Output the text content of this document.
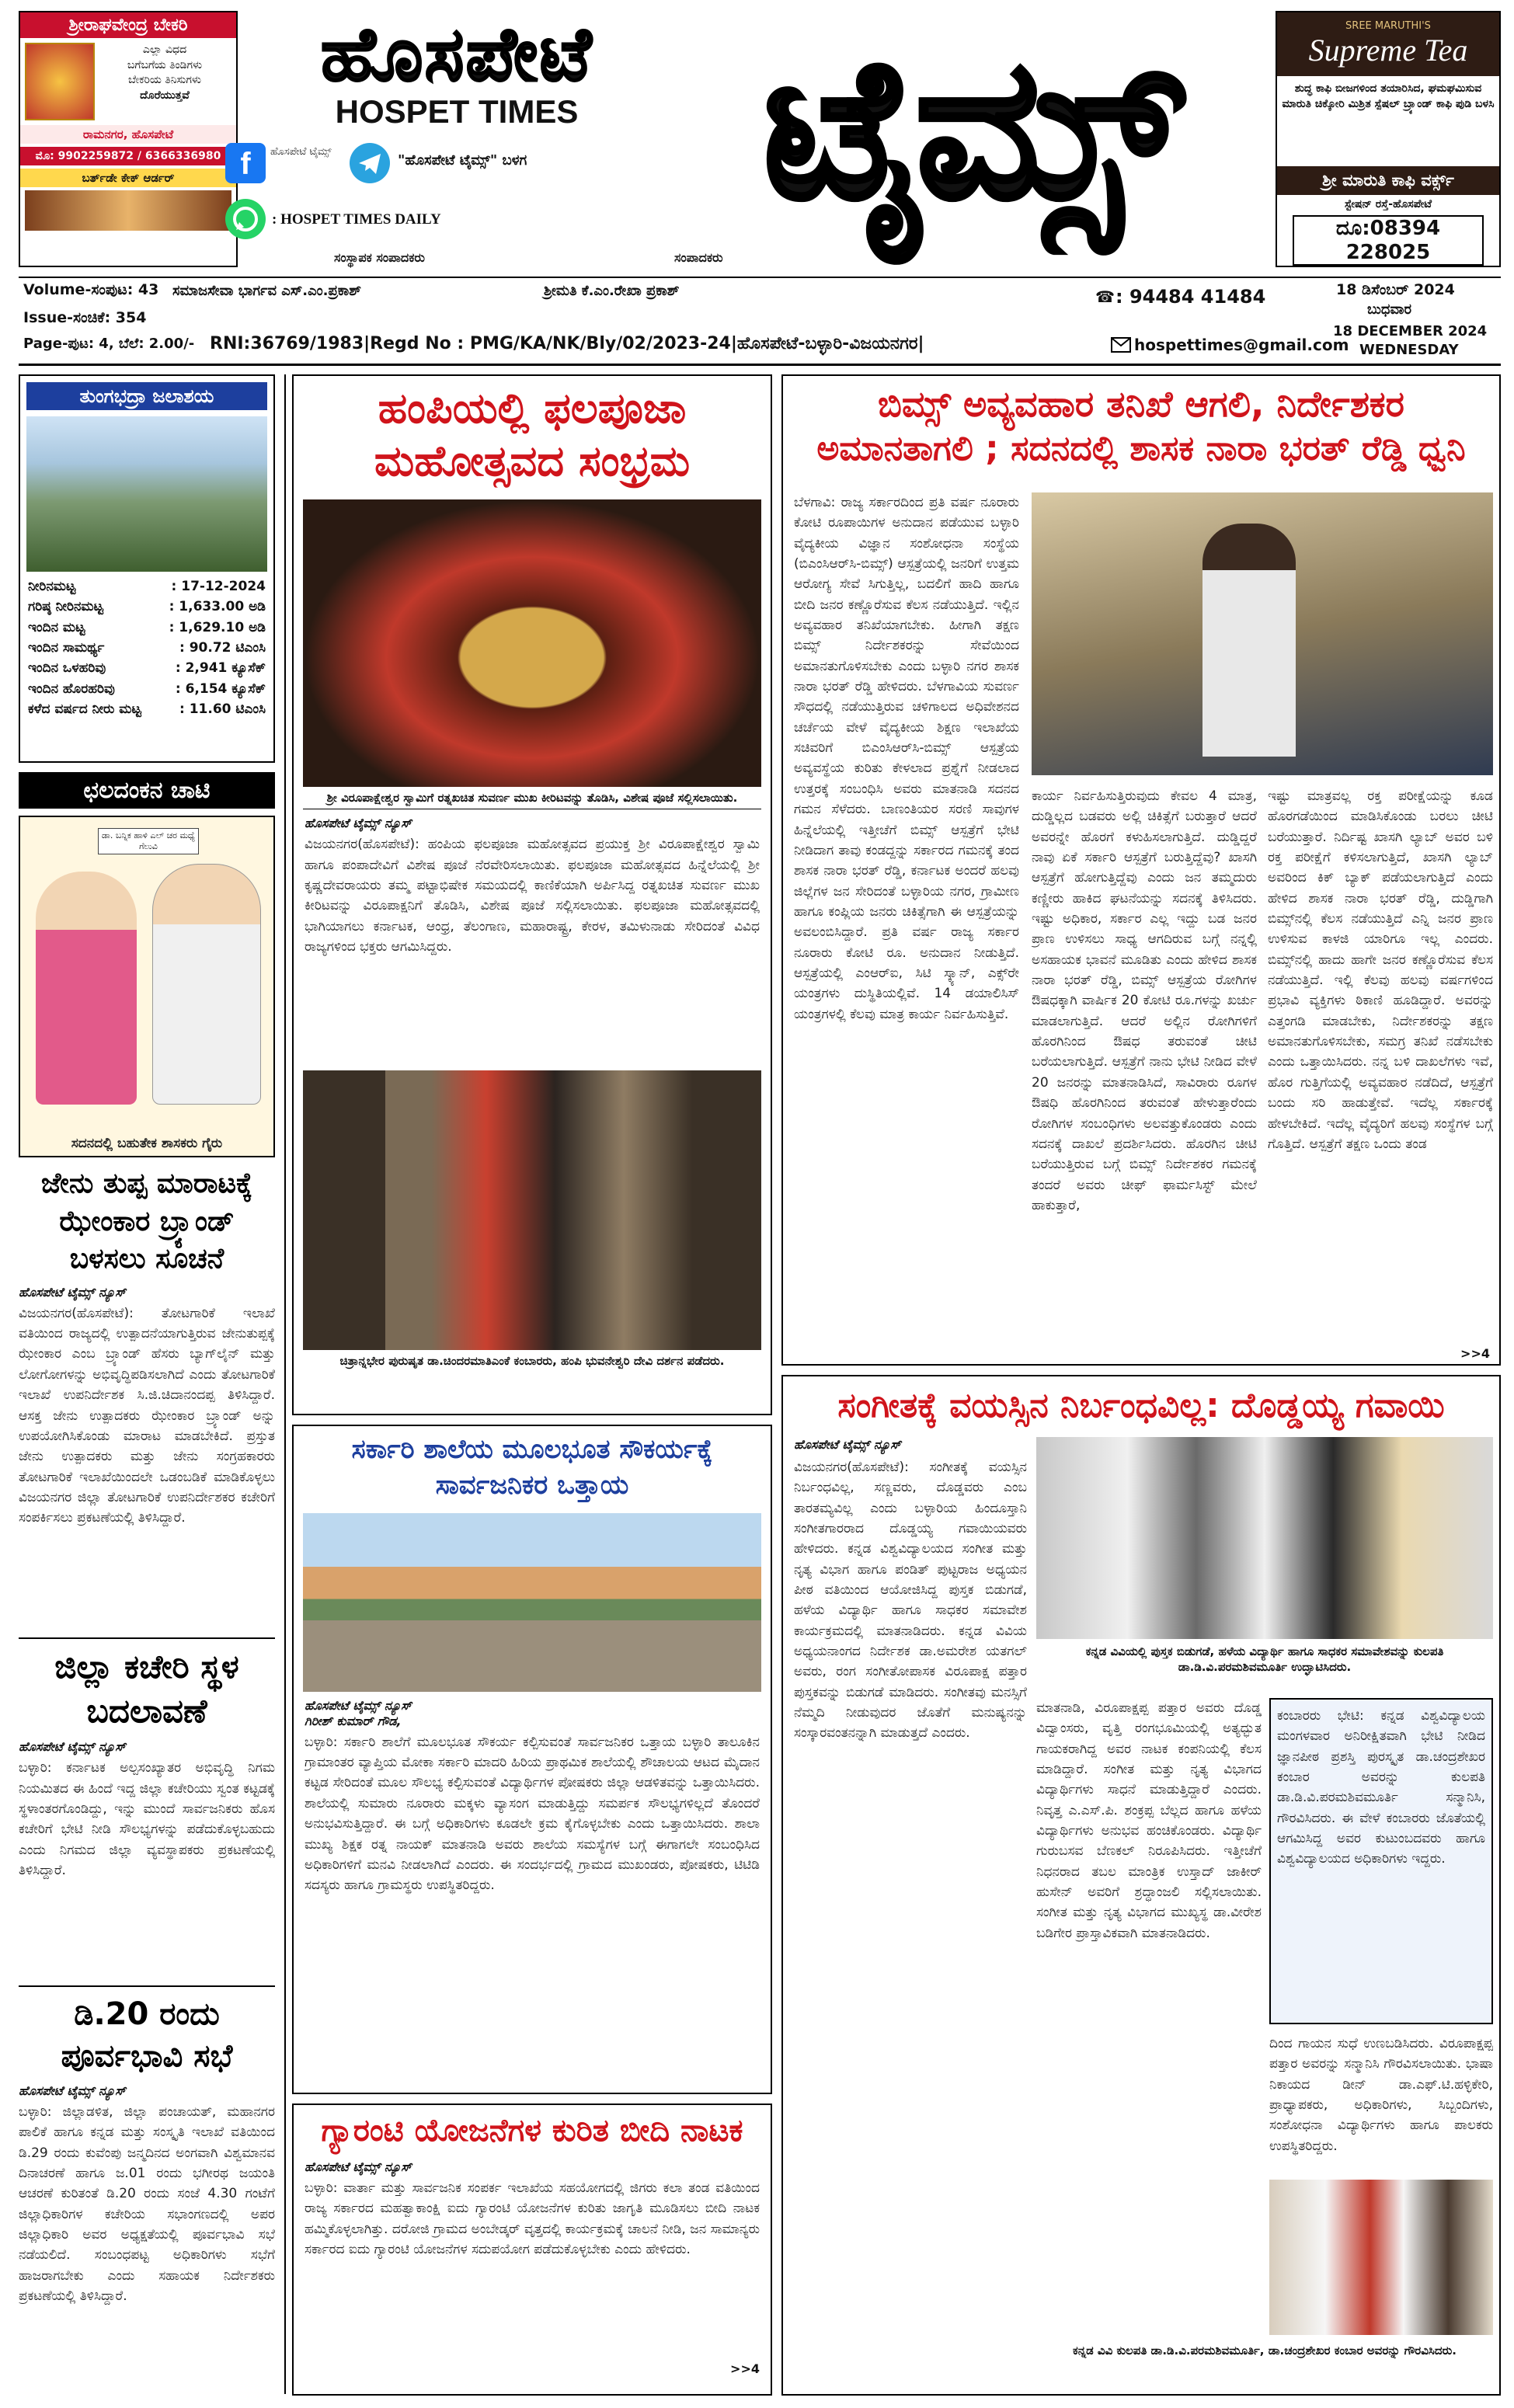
ಶ್ರೀರಾಘವೇಂದ್ರ ಬೇಕರಿ
ಎಲ್ಲಾ ವಿಧದ
ಬಗೆಬಗೆಯ ತಿಂಡಿಗಳು
ಬೇಕರಿಯ ತಿನಿಸುಗಳು
ದೊರೆಯುತ್ತವೆ
ರಾಮನಗರ, ಹೊಸಪೇಟೆ
ಮೊ: 9902259872 / 6366336980
ಬರ್ತ್‌ಡೇ ಕೇಕ್ ಆರ್ಡರ್
ಹೊಸಪೇಟೆ
HOSPET TIMES
f	ಹೊಸಪೇಟೆ ಟೈಮ್ಸ್
"ಹೊಸಪೇಟೆ ಟೈಮ್ಸ್" ಬಳಗ
: HOSPET TIMES DAILY	ಟೈಮ್ಸ್	SREE MARUTHI'S
Supreme Tea
ಶುದ್ಧ ಕಾಫಿ ಬೀಜಗಳಿಂದ ತಯಾರಿಸಿದ, ಘಮಘಮಿಸುವ ಮಾರುತಿ ಚಿಕ್ಕೋರಿ ಮಿಶ್ರಿತ ಸ್ಪೆಷಲ್ ಬ್ರ್ಯಾಂಡ್ ಕಾಫಿ ಪುಡಿ ಬಳಸಿ
ಶ್ರೀ ಮಾರುತಿ ಕಾಫಿ ವರ್ಕ್ಸ್
ಸ್ಟೇಷನ್ ರಸ್ತೆ-ಹೊಸಪೇಟೆ
ದೂ:08394 228025
ಸಂಸ್ಥಾಪಕ ಸಂಪಾದಕರು	ಸಂಪಾದಕರು
Volume-ಸಂಪುಟ: 43 ಸಮಾಜಸೇವಾ ಭಾರ್ಗವ ಎಸ್.ಎಂ.ಪ್ರಕಾಶ್	ಶ್ರೀಮತಿ ಕೆ.ಎಂ.ರೇಖಾ ಪ್ರಕಾಶ್	☎ : 94484 41484	18 ಡಿಸೆಂಬರ್ 2024
ಬುಧವಾರ
Issue-ಸಂಚಿಕೆ: 354
Page-ಪುಟ: 4, ಬೆಲೆ: 2.00/- RNI:36769/1983|Regd No : PMG/KA/NK/Bly/02/2023-24|ಹೊಸಪೇಟೆ-ಬಳ್ಳಾರಿ-ವಿಜಯನಗರ|	hospettimes@gmail.com
18 DECEMBER 2024
WEDNESDAY
ತುಂಗಭದ್ರಾ ಜಲಾಶಯ
ನೀರಿನಮಟ್ಟ	: 17-12-2024
ಗರಿಷ್ಠ ನೀರಿನಮಟ್ಟ	: 1,633.00 ಅಡಿ
ಇಂದಿನ ಮಟ್ಟ	: 1,629.10 ಅಡಿ
ಇಂದಿನ ಸಾಮರ್ಥ್ಯ	: 90.72 ಟಿಎಂಸಿ
ಇಂದಿನ ಒಳಹರಿವು	: 2,941 ಕ್ಯೂಸೆಕ್
ಇಂದಿನ ಹೊರಹರಿವು	: 6,154 ಕ್ಯೂಸೆಕ್
ಕಳೆದ ವರ್ಷದ ನೀರು ಮಟ್ಟ	: 11.60 ಟಿಎಂಸಿ
ಛಲದಂಕನ ಚಾಟಿ
ಡಾ. ಬನ್ನಿಕ ಹಾಳಿ ಎಲ್ ಚರ ಮಧ್ಯೆ ಗೆಲುವಿ
ಸದನದಲ್ಲಿ ಬಹುತೇಕ ಶಾಸಕರು ಗೈರು
ಜೇನು ತುಪ್ಪ ಮಾರಾಟಕ್ಕೆ ಝೇಂಕಾರ ಬ್ರ್ಯಾಂಡ್ ಬಳಸಲು ಸೂಚನೆ
ಹೊಸಪೇಟೆ ಟೈಮ್ಸ್ ನ್ಯೂಸ್
ವಿಜಯನಗರ(ಹೊಸಪೇಟೆ): ತೋಟಗಾರಿಕೆ ಇಲಾಖೆ ವತಿಯಿಂದ ರಾಜ್ಯದಲ್ಲಿ ಉತ್ಪಾದನೆಯಾಗುತ್ತಿರುವ ಜೇನುತುಪ್ಪಕ್ಕೆ ಝೇಂಕಾರ ಎಂಬ ಬ್ರ್ಯಾಂಡ್ ಹೆಸರು ಬ್ಯಾಗ್‌ಲೈನ್ ಮತ್ತು ಲೋಗೋಗಳನ್ನು ಅಭಿವೃದ್ಧಿಪಡಿಸಲಾಗಿದೆ ಎಂದು ತೋಟಗಾರಿಕೆ ಇಲಾಖೆ ಉಪನಿರ್ದೇಶಕ ಸಿ.ಜಿ.ಚಿದಾನಂದಪ್ಪ ತಿಳಿಸಿದ್ದಾರೆ. ಆಸಕ್ತ ಜೇನು ಉತ್ಪಾದಕರು ಝೇಂಕಾರ ಬ್ರ್ಯಾಂಡ್ ಅನ್ನು ಉಪಯೋಗಿಸಿಕೊಂಡು ಮಾರಾಟ ಮಾಡಬೇಕಿದೆ. ಪ್ರಸ್ತುತ ಜೇನು ಉತ್ಪಾದಕರು ಮತ್ತು ಜೇನು ಸಂಗ್ರಹಕಾರರು ತೋಟಗಾರಿಕೆ ಇಲಾಖೆಯಿಂದಲೇ ಒಡಂಬಡಿಕೆ ಮಾಡಿಕೊಳ್ಳಲು ವಿಜಯನಗರ ಜಿಲ್ಲಾ ತೋಟಗಾರಿಕೆ ಉಪನಿರ್ದೇಶಕರ ಕಚೇರಿಗೆ ಸಂಪರ್ಕಿಸಲು ಪ್ರಕಟಣೆಯಲ್ಲಿ ತಿಳಿಸಿದ್ದಾರೆ.
ಜಿಲ್ಲಾ ಕಚೇರಿ ಸ್ಥಳ ಬದಲಾವಣೆ
ಹೊಸಪೇಟೆ ಟೈಮ್ಸ್ ನ್ಯೂಸ್
ಬಳ್ಳಾರಿ: ಕರ್ನಾಟಕ ಅಲ್ಪಸಂಖ್ಯಾತರ ಅಭಿವೃದ್ಧಿ ನಿಗಮ ನಿಯಮಿತದ ಈ ಹಿಂದೆ ಇದ್ದ ಜಿಲ್ಲಾ ಕಚೇರಿಯು ಸ್ವಂತ ಕಟ್ಟಡಕ್ಕೆ ಸ್ಥಳಾಂತರಗೊಂಡಿದ್ದು, ಇನ್ನು ಮುಂದೆ ಸಾರ್ವಜನಿಕರು ಹೊಸ ಕಚೇರಿಗೆ ಭೇಟಿ ನೀಡಿ ಸೌಲಭ್ಯಗಳನ್ನು ಪಡೆದುಕೊಳ್ಳಬಹುದು ಎಂದು ನಿಗಮದ ಜಿಲ್ಲಾ ವ್ಯವಸ್ಥಾಪಕರು ಪ್ರಕಟಣೆಯಲ್ಲಿ ತಿಳಿಸಿದ್ದಾರೆ.
ಡಿ.20 ರಂದು ಪೂರ್ವಭಾವಿ ಸಭೆ
ಹೊಸಪೇಟೆ ಟೈಮ್ಸ್ ನ್ಯೂಸ್
ಬಳ್ಳಾರಿ: ಜಿಲ್ಲಾಡಳಿತ, ಜಿಲ್ಲಾ ಪಂಚಾಯತ್, ಮಹಾನಗರ ಪಾಲಿಕೆ ಹಾಗೂ ಕನ್ನಡ ಮತ್ತು ಸಂಸ್ಕೃತಿ ಇಲಾಖೆ ವತಿಯಿಂದ ಡಿ.29 ರಂದು ಕುವೆಂಪು ಜನ್ಮದಿನದ ಅಂಗವಾಗಿ ವಿಶ್ವಮಾನವ ದಿನಾಚರಣೆ ಹಾಗೂ ಜ.01 ರಂದು ಭಗೀರಥ ಜಯಂತಿ ಆಚರಣೆ ಕುರಿತಂತೆ ಡಿ.20 ರಂದು ಸಂಜೆ 4.30 ಗಂಟೆಗೆ ಜಿಲ್ಲಾಧಿಕಾರಿಗಳ ಕಚೇರಿಯ ಸಭಾಂಗಣದಲ್ಲಿ ಅಪರ ಜಿಲ್ಲಾಧಿಕಾರಿ ಅವರ ಅಧ್ಯಕ್ಷತೆಯಲ್ಲಿ ಪೂರ್ವಭಾವಿ ಸಭೆ ನಡೆಯಲಿದೆ. ಸಂಬಂಧಪಟ್ಟ ಅಧಿಕಾರಿಗಳು ಸಭೆಗೆ ಹಾಜರಾಗಬೇಕು ಎಂದು ಸಹಾಯಕ ನಿರ್ದೇಶಕರು ಪ್ರಕಟಣೆಯಲ್ಲಿ ತಿಳಿಸಿದ್ದಾರೆ.
ಹಂಪಿಯಲ್ಲಿ ಫಲಪೂಜಾ ಮಹೋತ್ಸವದ ಸಂಭ್ರಮ
ಶ್ರೀ ವಿರೂಪಾಕ್ಷೇಶ್ವರ ಸ್ವಾಮಿಗೆ ರತ್ನಖಚಿತ ಸುವರ್ಣ ಮುಖ ಕೀರಿಟವನ್ನು ತೊಡಿಸಿ, ವಿಶೇಷ ಪೂಜೆ ಸಲ್ಲಿಸಲಾಯಿತು.
ಹೊಸಪೇಟೆ ಟೈಮ್ಸ್ ನ್ಯೂಸ್
ವಿಜಯನಗರ(ಹೊಸಪೇಟೆ): ಹಂಪಿಯ ಫಲಪೂಜಾ ಮಹೋತ್ಸವದ ಪ್ರಯುಕ್ತ ಶ್ರೀ ವಿರೂಪಾಕ್ಷೇಶ್ವರ ಸ್ವಾಮಿ ಹಾಗೂ ಪಂಪಾದೇವಿಗೆ ವಿಶೇಷ ಪೂಜೆ ನೆರವೇರಿಸಲಾಯಿತು. ಫಲಪೂಜಾ ಮಹೋತ್ಸವದ ಹಿನ್ನೆಲೆಯಲ್ಲಿ ಶ್ರೀ ಕೃಷ್ಣದೇವರಾಯರು ತಮ್ಮ ಪಟ್ಟಾಭಿಷೇಕ ಸಮಯದಲ್ಲಿ ಕಾಣಿಕೆಯಾಗಿ ಅರ್ಪಿಸಿದ್ದ ರತ್ನಖಚಿತ ಸುವರ್ಣ ಮುಖ ಕೀರಿಟವನ್ನು ವಿರೂಪಾಕ್ಷನಿಗೆ ತೊಡಿಸಿ, ವಿಶೇಷ ಪೂಜೆ ಸಲ್ಲಿಸಲಾಯಿತು. ಫಲಪೂಜಾ ಮಹೋತ್ಸವದಲ್ಲಿ ಭಾಗಿಯಾಗಲು ಕರ್ನಾಟಕ, ಆಂಧ್ರ, ತೆಲಂಗಾಣ, ಮಹಾರಾಷ್ಟ್ರ, ಕೇರಳ, ತಮಿಳುನಾಡು ಸೇರಿದಂತೆ ವಿವಿಧ ರಾಜ್ಯಗಳಿಂದ ಭಕ್ತರು ಆಗಮಿಸಿದ್ದರು.
ಚಿತ್ರಾನ್ನಭೇರ ಪುರುಷೃತ ಡಾ.ಚಿಂದರಮಾತಿಎಂಕೆ ಕಂಬಾರರು, ಹಂಪಿ ಭುವನೇಶ್ವರಿ ದೇವಿ ದರ್ಶನ ಪಡೆದರು.
ಸರ್ಕಾರಿ ಶಾಲೆಯ ಮೂಲಭೂತ ಸೌಕರ್ಯಕ್ಕೆ ಸಾರ್ವಜನಿಕರ ಒತ್ತಾಯ
ಹೊಸಪೇಟೆ ಟೈಮ್ಸ್ ನ್ಯೂಸ್
ಗಿರೀಶ್ ಕುಮಾರ್ ಗೌಡ,
ಬಳ್ಳಾರಿ: ಸರ್ಕಾರಿ ಶಾಲೆಗೆ ಮೂಲಭೂತ ಸೌಕರ್ಯ ಕಲ್ಪಿಸುವಂತೆ ಸಾರ್ವಜನಿಕರ ಒತ್ತಾಯ ಬಳ್ಳಾರಿ ತಾಲೂಕಿನ ಗ್ರಾಮಾಂತರ ವ್ಯಾಪ್ತಿಯ ಮೋಕಾ ಸರ್ಕಾರಿ ಮಾದರಿ ಹಿರಿಯ ಪ್ರಾಥಮಿಕ ಶಾಲೆಯಲ್ಲಿ ಶೌಚಾಲಯ ಆಟದ ಮೈದಾನ ಕಟ್ಟಡ ಸೇರಿದಂತೆ ಮೂಲ ಸೌಲಭ್ಯ ಕಲ್ಪಿಸುವಂತೆ ವಿದ್ಯಾರ್ಥಿಗಳ ಪೋಷಕರು ಜಿಲ್ಲಾ ಆಡಳಿತವನ್ನು ಒತ್ತಾಯಿಸಿದರು. ಶಾಲೆಯಲ್ಲಿ ಸುಮಾರು ನೂರಾರು ಮಕ್ಕಳು ವ್ಯಾಸಂಗ ಮಾಡುತ್ತಿದ್ದು ಸಮರ್ಪಕ ಸೌಲಭ್ಯಗಳಿಲ್ಲದೆ ತೊಂದರೆ ಅನುಭವಿಸುತ್ತಿದ್ದಾರೆ. ಈ ಬಗ್ಗೆ ಅಧಿಕಾರಿಗಳು ಕೂಡಲೇ ಕ್ರಮ ಕೈಗೊಳ್ಳಬೇಕು ಎಂದು ಒತ್ತಾಯಿಸಿದರು. ಶಾಲಾ ಮುಖ್ಯ ಶಿಕ್ಷಕ ರತ್ನ ನಾಯಕ್ ಮಾತನಾಡಿ ಅವರು ಶಾಲೆಯ ಸಮಸ್ಯೆಗಳ ಬಗ್ಗೆ ಈಗಾಗಲೇ ಸಂಬಂಧಿಸಿದ ಅಧಿಕಾರಿಗಳಿಗೆ ಮನವಿ ನೀಡಲಾಗಿದೆ ಎಂದರು. ಈ ಸಂದರ್ಭದಲ್ಲಿ ಗ್ರಾಮದ ಮುಖಂಡರು, ಪೋಷಕರು, ಟಿಟಿಡಿ ಸದಸ್ಯರು ಹಾಗೂ ಗ್ರಾಮಸ್ಥರು ಉಪಸ್ಥಿತರಿದ್ದರು.
ಗ್ಯಾರಂಟಿ ಯೋಜನೆಗಳ ಕುರಿತ ಬೀದಿ ನಾಟಕ
ಹೊಸಪೇಟೆ ಟೈಮ್ಸ್ ನ್ಯೂಸ್
ಬಳ್ಳಾರಿ: ವಾರ್ತಾ ಮತ್ತು ಸಾರ್ವಜನಿಕ ಸಂಪರ್ಕ ಇಲಾಖೆಯ ಸಹಯೋಗದಲ್ಲಿ ಜಿಗರು ಕಲಾ ತಂಡ ವತಿಯಿಂದ ರಾಜ್ಯ ಸರ್ಕಾರದ ಮಹತ್ವಾಕಾಂಕ್ಷಿ ಐದು ಗ್ಯಾರಂಟಿ ಯೋಜನೆಗಳ ಕುರಿತು ಜಾಗೃತಿ ಮೂಡಿಸಲು ಬೀದಿ ನಾಟಕ ಹಮ್ಮಿಕೊಳ್ಳಲಾಗಿತ್ತು. ದರೋಜಿ ಗ್ರಾಮದ ಅಂಬೇಡ್ಕರ್ ವೃತ್ತದಲ್ಲಿ ಕಾರ್ಯಕ್ರಮಕ್ಕೆ ಚಾಲನೆ ನೀಡಿ, ಜನ ಸಾಮಾನ್ಯರು ಸರ್ಕಾರದ ಐದು ಗ್ಯಾರಂಟಿ ಯೋಜನೆಗಳ ಸದುಪಯೋಗ ಪಡೆದುಕೊಳ್ಳಬೇಕು ಎಂದು ಹೇಳಿದರು.
>>4
ಬಿಮ್ಸ್ ಅವ್ಯವಹಾರ ತನಿಖೆ ಆಗಲಿ, ನಿರ್ದೇಶಕರ
ಅಮಾನತಾಗಲಿ ; ಸದನದಲ್ಲಿ ಶಾಸಕ ನಾರಾ ಭರತ್ ರೆಡ್ಡಿ ಧ್ವನಿ
ಬೆಳಗಾವಿ: ರಾಜ್ಯ ಸರ್ಕಾರದಿಂದ ಪ್ರತಿ ವರ್ಷ ನೂರಾರು ಕೋಟಿ ರೂಪಾಯಿಗಳ ಅನುದಾನ ಪಡೆಯುವ ಬಳ್ಳಾರಿ ವೈದ್ಯಕೀಯ ವಿಜ್ಞಾನ ಸಂಶೋಧನಾ ಸಂಸ್ಥೆಯ (ಬಿಎಂಸಿಆರ್‌ಸಿ-ಬಿಮ್ಸ್) ಆಸ್ಪತ್ರೆಯಲ್ಲಿ ಜನರಿಗೆ ಉತ್ತಮ ಆರೋಗ್ಯ ಸೇವೆ ಸಿಗುತ್ತಿಲ್ಲ, ಬದಲಿಗೆ ಹಾದಿ ಹಾಗೂ ಬೀದಿ ಜನರ ಕಣ್ಣೊರೆಸುವ ಕೆಲಸ ನಡೆಯುತ್ತಿದೆ. ಇಲ್ಲಿನ ಅವ್ಯವಹಾರ ತನಿಖೆಯಾಗಬೇಕು. ಹೀಗಾಗಿ ತಕ್ಷಣ ಬಿಮ್ಸ್ ನಿರ್ದೇಶಕರನ್ನು ಸೇವೆಯಿಂದ ಅಮಾನತುಗೊಳಿಸಬೇಕು ಎಂದು ಬಳ್ಳಾರಿ ನಗರ ಶಾಸಕ ನಾರಾ ಭರತ್ ರೆಡ್ಡಿ ಹೇಳಿದರು. ಬೆಳಗಾವಿಯ ಸುವರ್ಣ ಸೌಧದಲ್ಲಿ ನಡೆಯುತ್ತಿರುವ ಚಳಿಗಾಲದ ಅಧಿವೇಶನದ ಚರ್ಚೆಯ ವೇಳೆ ವೈದ್ಯಕೀಯ ಶಿಕ್ಷಣ ಇಲಾಖೆಯ ಸಚಿವರಿಗೆ ಬಿಎಂಸಿಆರ್‌ಸಿ-ಬಿಮ್ಸ್ ಆಸ್ಪತ್ರೆಯ ಅವ್ಯವಸ್ಥೆಯ ಕುರಿತು ಕೇಳಲಾದ ಪ್ರಶ್ನೆಗೆ ನೀಡಲಾದ ಉತ್ತರಕ್ಕೆ ಸಂಬಂಧಿಸಿ ಅವರು ಮಾತನಾಡಿ ಸದನದ ಗಮನ ಸೆಳೆದರು. ಬಾಣಂತಿಯರ ಸರಣಿ ಸಾವುಗಳ ಹಿನ್ನೆಲೆಯಲ್ಲಿ ಇತ್ತೀಚೆಗೆ ಬಿಮ್ಸ್ ಆಸ್ಪತ್ರೆಗೆ ಭೇಟಿ ನೀಡಿದಾಗ ತಾವು ಕಂಡದ್ದನ್ನು ಸರ್ಕಾರದ ಗಮನಕ್ಕೆ ತಂದ ಶಾಸಕ ನಾರಾ ಭರತ್ ರೆಡ್ಡಿ, ಕರ್ನಾಟಕ ಅಂದರೆ ಹಲವು ಜಿಲ್ಲೆಗಳ ಜನ ಸೇರಿದಂತೆ ಬಳ್ಳಾರಿಯ ನಗರ, ಗ್ರಾಮೀಣ ಹಾಗೂ ಕಂಪ್ಲಿಯ ಜನರು ಚಿಕಿತ್ಸೆಗಾಗಿ ಈ ಆಸ್ಪತ್ರೆಯನ್ನು ಅವಲಂಬಿಸಿದ್ದಾರೆ. ಪ್ರತಿ ವರ್ಷ ರಾಜ್ಯ ಸರ್ಕಾರ ನೂರಾರು ಕೋಟಿ ರೂ. ಅನುದಾನ ನೀಡುತ್ತಿದೆ. ಆಸ್ಪತ್ರೆಯಲ್ಲಿ ಎಂಆರ್‌ಐ, ಸಿಟಿ ಸ್ಕ್ಯಾನ್, ಎಕ್ಸ್‌ರೇ ಯಂತ್ರಗಳು ದುಸ್ಥಿತಿಯಲ್ಲಿವೆ. 14 ಡಯಾಲಿಸಿಸ್ ಯಂತ್ರಗಳಲ್ಲಿ ಕೆಲವು ಮಾತ್ರ ಕಾರ್ಯ ನಿರ್ವಹಿಸುತ್ತಿವೆ.
ಕಾರ್ಯ ನಿರ್ವಹಿಸುತ್ತಿರುವುದು ಕೇವಲ 4 ಮಾತ್ರ, ದುಡ್ಡಿಲ್ಲದ ಬಡವರು ಅಲ್ಲಿ ಚಿಕಿತ್ಸೆಗೆ ಬರುತ್ತಾರೆ ಆದರೆ ಅವರನ್ನೇ ಹೊರಗೆ ಕಳುಹಿಸಲಾಗುತ್ತಿದೆ. ದುಡ್ಡಿದ್ದರೆ ನಾವು ಏಕೆ ಸರ್ಕಾರಿ ಆಸ್ಪತ್ರೆಗೆ ಬರುತ್ತಿದ್ದೆವು? ಖಾಸಗಿ ಆಸ್ಪತ್ರೆಗೆ ಹೋಗುತ್ತಿದ್ದೆವು ಎಂದು ಜನ ತಮ್ಮದುರು ಕಣ್ಣೀರು ಹಾಕಿದ ಘಟನೆಯನ್ನು ಸದನಕ್ಕೆ ತಿಳಿಸಿದರು. ಇಷ್ಟು ಅಧಿಕಾರ, ಸರ್ಕಾರ ಎಲ್ಲ ಇದ್ದು ಬಡ ಜನರ ಪ್ರಾಣ ಉಳಿಸಲು ಸಾಧ್ಯ ಆಗದಿರುವ ಬಗ್ಗೆ ನನ್ನಲ್ಲಿ ಅಸಹಾಯಕ ಭಾವನೆ ಮೂಡಿತು ಎಂದು ಹೇಳಿದ ಶಾಸಕ ನಾರಾ ಭರತ್ ರೆಡ್ಡಿ, ಬಿಮ್ಸ್ ಆಸ್ಪತ್ರೆಯ ರೋಗಿಗಳ ಔಷಧಕ್ಕಾಗಿ ವಾರ್ಷಿಕ 20 ಕೋಟಿ ರೂ.ಗಳನ್ನು ಖರ್ಚು ಮಾಡಲಾಗುತ್ತಿದೆ. ಆದರೆ ಅಲ್ಲಿನ ರೋಗಿಗಳಿಗೆ ಹೊರಗಿನಿಂದ ಔಷಧ ತರುವಂತೆ ಚೀಟಿ ಬರೆಯಲಾಗುತ್ತಿದೆ. ಆಸ್ಪತ್ರೆಗೆ ನಾನು ಭೇಟಿ ನೀಡಿದ ವೇಳೆ 20 ಜನರನ್ನು ಮಾತನಾಡಿಸಿದೆ, ಸಾವಿರಾರು ರೂಗಳ ಔಷಧಿ ಹೊರಗಿನಿಂದ ತರುವಂತೆ ಹೇಳುತ್ತಾರೆಂದು ರೋಗಿಗಳ ಸಂಬಂಧಿಗಳು ಅಲವತ್ತುಕೊಂಡರು ಎಂದು ಸದನಕ್ಕೆ ದಾಖಲೆ ಪ್ರದರ್ಶಿಸಿದರು. ಹೊರಗಿನ ಚೀಟಿ ಬರೆಯುತ್ತಿರುವ ಬಗ್ಗೆ ಬಿಮ್ಸ್ ನಿರ್ದೇಶಕರ ಗಮನಕ್ಕೆ ತಂದರೆ ಅವರು ಚೀಫ್ ಫಾರ್ಮಸಿಸ್ಟ್ ಮೇಲೆ ಹಾಕುತ್ತಾರೆ,
ಇಷ್ಟು ಮಾತ್ರವಲ್ಲ ರಕ್ತ ಪರೀಕ್ಷೆಯನ್ನು ಕೂಡ ಹೊರಗಡೆಯಿಂದ ಮಾಡಿಸಿಕೊಂಡು ಬರಲು ಚೀಟಿ ಬರೆಯುತ್ತಾರೆ. ನಿರ್ದಿಷ್ಟ ಖಾಸಗಿ ಲ್ಯಾಬ್ ಅವರ ಬಳಿ ರಕ್ತ ಪರೀಕ್ಷೆಗೆ ಕಳಿಸಲಾಗುತ್ತಿದೆ, ಖಾಸಗಿ ಲ್ಯಾಬ್ ಅವರಿಂದ ಕಿಕ್ ಬ್ಯಾಕ್ ಪಡೆಯಲಾಗುತ್ತಿದೆ ಎಂದು ಹೇಳಿದ ಶಾಸಕ ನಾರಾ ಭರತ್ ರೆಡ್ಡಿ, ದುಡ್ಡಿಗಾಗಿ ಬಿಮ್ಸ್‌ನಲ್ಲಿ ಕೆಲಸ ನಡೆಯುತ್ತಿದೆ ಎನ್ನಿ ಜನರ ಪ್ರಾಣ ಉಳಿಸುವ ಕಾಳಜಿ ಯಾರಿಗೂ ಇಲ್ಲ ಎಂದರು. ಬಿಮ್ಸ್‌ನಲ್ಲಿ ಹಾದು ಹಾಗೇ ಜನರ ಕಣ್ಣೊರೆಸುವ ಕೆಲಸ ನಡೆಯುತ್ತಿದೆ. ಇಲ್ಲಿ ಕೆಲವು ಹಲವು ವರ್ಷಗಳಿಂದ ಪ್ರಭಾವಿ ವ್ಯಕ್ತಿಗಳು ಠಿಕಾಣಿ ಹೂಡಿದ್ದಾರೆ. ಅವರನ್ನು ಎತ್ತಂಗಡಿ ಮಾಡಬೇಕು, ನಿರ್ದೇಶಕರನ್ನು ತಕ್ಷಣ ಅಮಾನತುಗೊಳಿಸಬೇಕು, ಸಮಗ್ರ ತನಿಖೆ ನಡೆಸಬೇಕು ಎಂದು ಒತ್ತಾಯಿಸಿದರು. ನನ್ನ ಬಳಿ ದಾಖಲೆಗಳು ಇವೆ, ಹೊರ ಗುತ್ತಿಗೆಯಲ್ಲಿ ಅವ್ಯವಹಾರ ನಡೆದಿದೆ, ಆಸ್ಪತ್ರೆಗೆ ಬಂದು ಸರಿ ಹಾಡುತ್ತೇವೆ. ಇದೆಲ್ಲ ಸರ್ಕಾರಕ್ಕೆ ಹೇಳಬೇಕಿದೆ. ಇದೆಲ್ಲ ವೈದ್ಯರಿಗೆ ಹಲವು ಸಂಸ್ಥೆಗಳ ಬಗ್ಗೆ ಗೊತ್ತಿದೆ. ಆಸ್ಪತ್ರೆಗೆ ತಕ್ಷಣ ಒಂದು ತಂಡ
>>4
ಸಂಗೀತಕ್ಕೆ ವಯಸ್ಸಿನ ನಿರ್ಬಂಧವಿಲ್ಲ: ದೊಡ್ಡಯ್ಯ ಗವಾಯಿ
ಹೊಸಪೇಟೆ ಟೈಮ್ಸ್ ನ್ಯೂಸ್
ವಿಜಯನಗರ(ಹೊಸಪೇಟೆ): ಸಂಗೀತಕ್ಕೆ ವಯಸ್ಸಿನ ನಿರ್ಬಂಧವಿಲ್ಲ, ಸಣ್ಣವರು, ದೊಡ್ಡವರು ಎಂಬ ತಾರತಮ್ಯವಿಲ್ಲ ಎಂದು ಬಳ್ಳಾರಿಯ ಹಿಂದೂಸ್ತಾನಿ ಸಂಗೀತಗಾರರಾದ ದೊಡ್ಡಯ್ಯ ಗವಾಯಿಯವರು ಹೇಳಿದರು. ಕನ್ನಡ ವಿಶ್ವವಿದ್ಯಾಲಯದ ಸಂಗೀತ ಮತ್ತು ನೃತ್ಯ ವಿಭಾಗ ಹಾಗೂ ಪಂಡಿತ್ ಪುಟ್ಟರಾಜ ಅಧ್ಯಯನ ಪೀಠ ವತಿಯಿಂದ ಆಯೋಜಿಸಿದ್ದ ಪುಸ್ತಕ ಬಿಡುಗಡೆ, ಹಳೆಯ ವಿದ್ಯಾರ್ಥಿ ಹಾಗೂ ಸಾಧಕರ ಸಮಾವೇಶ ಕಾರ್ಯಕ್ರಮದಲ್ಲಿ ಮಾತನಾಡಿದರು. ಕನ್ನಡ ವಿವಿಯ ಅಧ್ಯಯನಾಂಗದ ನಿರ್ದೇಶಕ ಡಾ.ಅಮರೇಶ ಯತಗಲ್ ಅವರು, ರಂಗ ಸಂಗೀತೋಪಾಸಕ ವಿರೂಪಾಕ್ಷ ಪತ್ತಾರ ಪುಸ್ತಕವನ್ನು ಬಿಡುಗಡೆ ಮಾಡಿದರು. ಸಂಗೀತವು ಮನಸ್ಸಿಗೆ ನೆಮ್ಮದಿ ನೀಡುವುದರ ಜೊತೆಗೆ ಮನುಷ್ಯನನ್ನು ಸಂಸ್ಕಾರವಂತನನ್ನಾಗಿ ಮಾಡುತ್ತದೆ ಎಂದರು.
ಕನ್ನಡ ವಿವಿಯಲ್ಲಿ ಪುಸ್ತಕ ಬಿಡುಗಡೆ, ಹಳೆಯ ವಿದ್ಯಾರ್ಥಿ ಹಾಗೂ ಸಾಧಕರ ಸಮಾವೇಶವನ್ನು ಕುಲಪತಿ ಡಾ.ಡಿ.ವಿ.ಪರಮಶಿವಮೂರ್ತಿ ಉದ್ಘಾಟಿಸಿದರು.
ಮಾತನಾಡಿ, ವಿರೂಪಾಕ್ಷಪ್ಪ ಪತ್ತಾರ ಅವರು ದೊಡ್ಡ ವಿದ್ವಾಂಸರು, ವೃತ್ತಿ ರಂಗಭೂಮಿಯಲ್ಲಿ ಅತ್ಯದ್ಭುತ ಗಾಯಕರಾಗಿದ್ದ ಅವರ ನಾಟಕ ಕಂಪನಿಯಲ್ಲಿ ಕೆಲಸ ಮಾಡಿದ್ದಾರೆ. ಸಂಗೀತ ಮತ್ತು ನೃತ್ಯ ವಿಭಾಗದ ವಿದ್ಯಾರ್ಥಿಗಳು ಸಾಧನೆ ಮಾಡುತ್ತಿದ್ದಾರೆ ಎಂದರು. ನಿವೃತ್ತ ಎ.ಎಸ್.ಪಿ. ಶಂಕ್ರಪ್ಪ ಬೆಲ್ಲದ ಹಾಗೂ ಹಳೆಯ ವಿದ್ಯಾರ್ಥಿಗಳು ಅನುಭವ ಹಂಚಿಕೊಂಡರು. ವಿದ್ಯಾರ್ಥಿ ಗುರುಬಸವ ಬೆಣಕಲ್ ನಿರೂಪಿಸಿದರು. ಇತ್ತೀಚೆಗೆ ನಿಧನರಾದ ತಬಲ ಮಾಂತ್ರಿಕ ಉಸ್ತಾದ್ ಜಾಕೀರ್ ಹುಸೇನ್ ಅವರಿಗೆ ಶ್ರದ್ಧಾಂಜಲಿ ಸಲ್ಲಿಸಲಾಯಿತು. ಸಂಗೀತ ಮತ್ತು ನೃತ್ಯ ವಿಭಾಗದ ಮುಖ್ಯಸ್ಥ ಡಾ.ವೀರೇಶ ಬಡಿಗೇರ ಪ್ರಾಸ್ತಾವಿಕವಾಗಿ ಮಾತನಾಡಿದರು.
ಕಂಬಾರರು ಭೇಟಿ: ಕನ್ನಡ ವಿಶ್ವವಿದ್ಯಾಲಯ ಮಂಗಳವಾರ ಅನಿರೀಕ್ಷಿತವಾಗಿ ಭೇಟಿ ನೀಡಿದ ಜ್ಞಾನಪೀಠ ಪ್ರಶಸ್ತಿ ಪುರಸ್ಕೃತ ಡಾ.ಚಂದ್ರಶೇಖರ ಕಂಬಾರ ಅವರನ್ನು ಕುಲಪತಿ ಡಾ.ಡಿ.ವಿ.ಪರಮಶಿವಮೂರ್ತಿ ಸನ್ಮಾನಿಸಿ, ಗೌರವಿಸಿದರು. ಈ ವೇಳೆ ಕಂಬಾರರು ಜೊತೆಯಲ್ಲಿ ಆಗಮಿಸಿದ್ದ ಅವರ ಕುಟುಂಬದವರು ಹಾಗೂ ವಿಶ್ವವಿದ್ಯಾಲಯದ ಅಧಿಕಾರಿಗಳು ಇದ್ದರು.
ದಿಂದ ಗಾಯನ ಸುಧೆ ಉಣಬಡಿಸಿದರು. ವಿರೂಪಾಕ್ಷಪ್ಪ ಪತ್ತಾರ ಅವರನ್ನು ಸನ್ಮಾನಿಸಿ ಗೌರವಿಸಲಾಯಿತು. ಭಾಷಾ ನಿಕಾಯದ ಡೀನ್ ಡಾ.ಎಫ್.ಟಿ.ಹಳ್ಳಿಕೇರಿ, ಪ್ರಾಧ್ಯಾಪಕರು, ಅಧಿಕಾರಿಗಳು, ಸಿಬ್ಬಂದಿಗಳು, ಸಂಶೋಧನಾ ವಿದ್ಯಾರ್ಥಿಗಳು ಹಾಗೂ ಪಾಲಕರು ಉಪಸ್ಥಿತರಿದ್ದರು.
ಕನ್ನಡ ವಿವಿ ಕುಲಪತಿ ಡಾ.ಡಿ.ವಿ.ಪರಮಶಿವಮೂರ್ತಿ, ಡಾ.ಚಂದ್ರಶೇಖರ ಕಂಬಾರ ಅವರನ್ನು ಗೌರವಿಸಿದರು.
